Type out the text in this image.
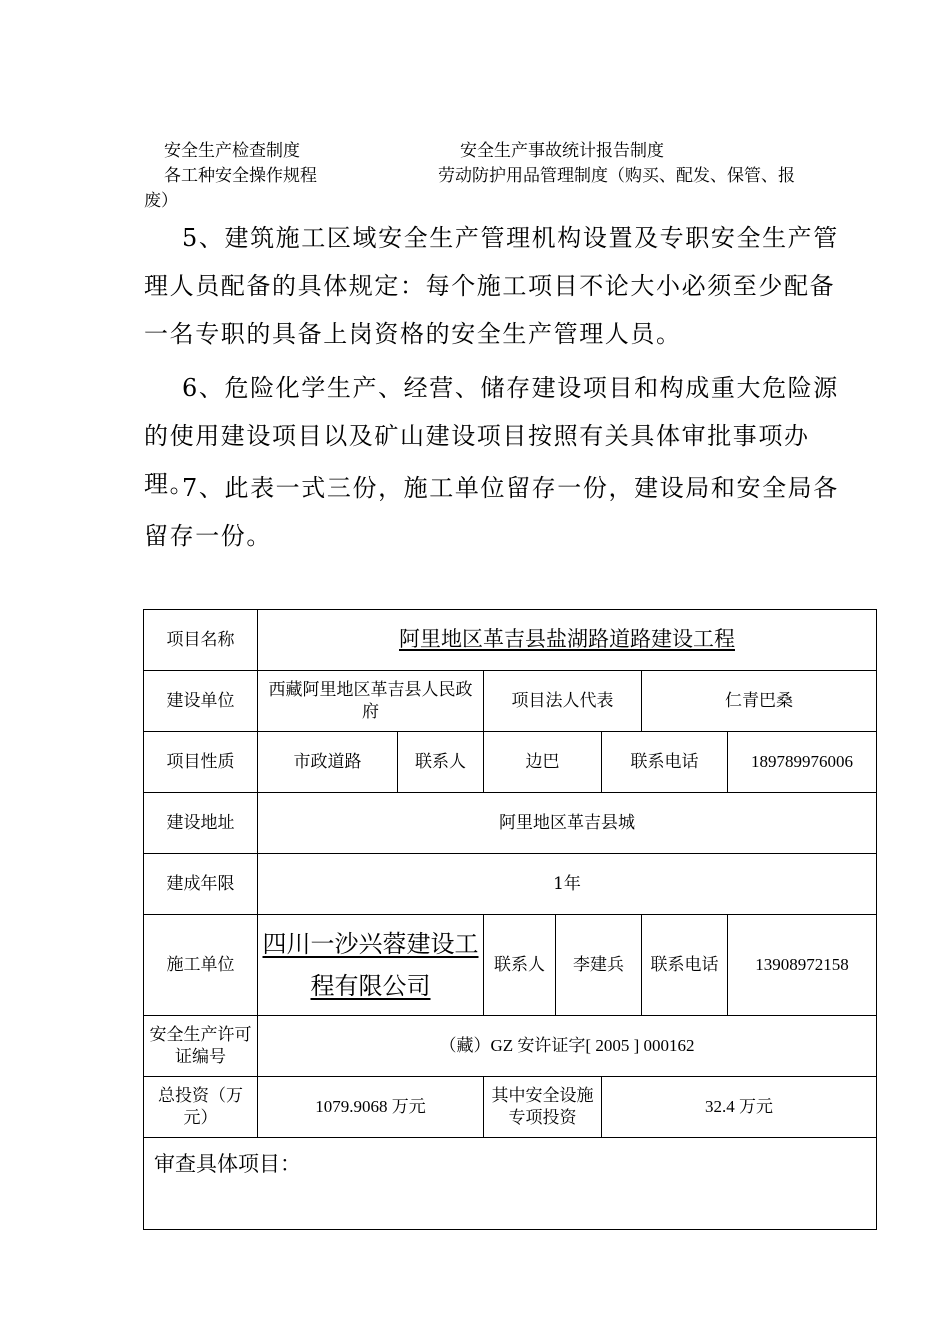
安全生产检查制度	安全生产事故统计报告制度
各工种安全操作规程	劳动防护用品管理制度（购买、配发、保管、报
废）

5、建筑施工区域安全生产管理机构设置及专职安全生产管理人员配备的具体规定：每个施工项目不论大小必须至少配备一名专职的具备上岗资格的安全生产管理人员。

6、危险化学生产、经营、储存建设项目和构成重大危险源的使用建设项目以及矿山建设项目按照有关具体审批事项办理。

7、此表一式三份，施工单位留存一份，建设局和安全局各留存一份。

项目名称	阿里地区革吉县盐湖路道路建设工程						
建设单位	西藏阿里地区革吉县人民政府		项目法人代表			仁青巴桑	
项目性质	市政道路	联系人	边巴		联系电话		189789976006
建设地址	阿里地区革吉县城						
建成年限	1年						
施工单位	四川一沙兴蓉建设工程有限公司		联系人	李建兵		联系电话	13908972158
安全生产许可证编号	（藏）GZ 安许证字[ 2005 ] 000162						
总投资（万元）	1079.9068 万元		其中安全设施专项投资		32.4 万元		
审查具体项目：							
